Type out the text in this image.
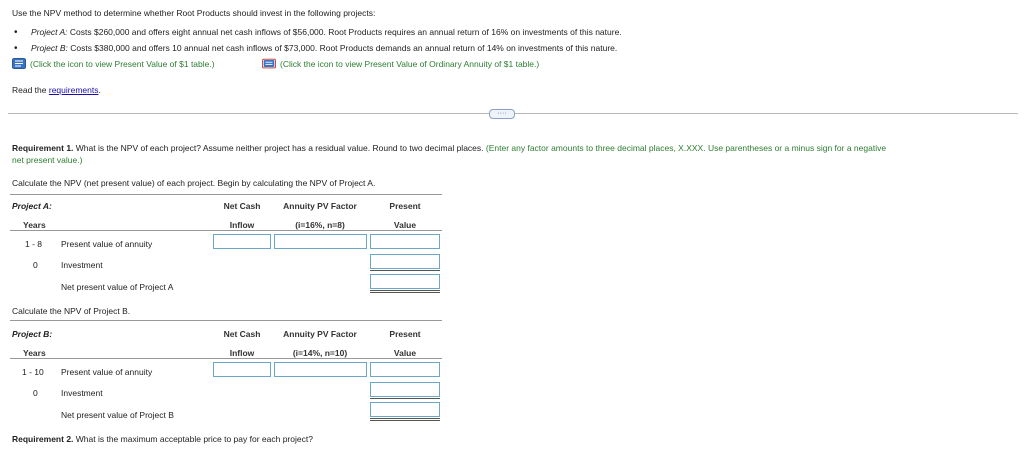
Use the NPV method to determine whether Root Products should invest in the following projects:
• Project A: Costs $260,000 and offers eight annual net cash inflows of $56,000. Root Products requires an annual return of 16% on investments of this nature.
• Project B: Costs $380,000 and offers 10 annual net cash inflows of $73,000. Root Products demands an annual return of 14% on investments of this nature.
(Click the icon to view Present Value of $1 table.)	(Click the icon to view Present Value of Ordinary Annuity of $1 table.)
Read the requirements.
····
Requirement 1. What is the NPV of each project? Assume neither project has a residual value. Round to two decimal places. (Enter any factor amounts to three decimal places, X.XXX. Use parentheses or a minus sign for a negative
net present value.)
Calculate the NPV (net present value) of each project. Begin by calculating the NPV of Project A.
Project A:	Net Cash	Annuity PV Factor	Present
Years	Inflow	(i=16%, n=8)	Value
1 - 8 Present value of annuity
0	Investment
Net present value of Project A
Calculate the NPV of Project B.
Project B:	Net Cash	Annuity PV Factor	Present
Years	Inflow	(i=14%, n=10)	Value
1 - 10 Present value of annuity
0	Investment
Net present value of Project B
Requirement 2. What is the maximum acceptable price to pay for each project?
